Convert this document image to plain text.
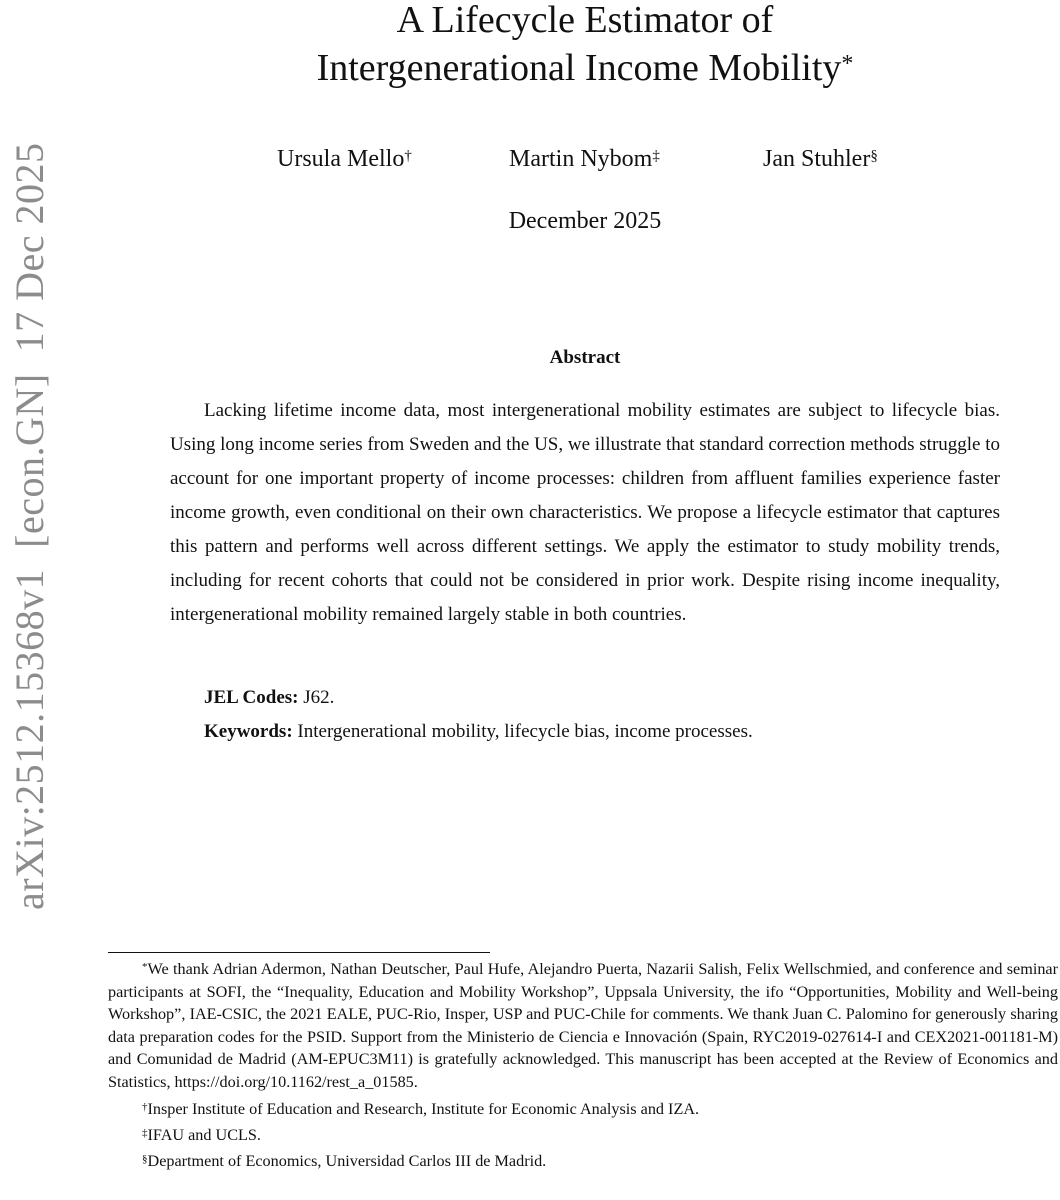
arXiv:2512.15368v1  [econ.GN]  17 Dec 2025
A Lifecycle Estimator of
Intergenerational Income Mobility*
Ursula Mello†	Martin Nybom‡	Jan Stuhler§
December 2025
Abstract

Lacking lifetime income data, most intergenerational mobility estimates are subject to lifecycle bias. Using long income series from Sweden and the US, we illustrate that standard correction methods struggle to account for one important property of income processes: children from affluent families experience faster income growth, even conditional on their own characteristics. We propose a lifecycle estimator that captures this pattern and performs well across different settings. We apply the estimator to study mobility trends, including for recent cohorts that could not be considered in prior work. Despite rising income inequality, intergenerational mobility remained largely stable in both countries.

JEL Codes: J62.
Keywords: Intergenerational mobility, lifecycle bias, income processes.

*We thank Adrian Adermon, Nathan Deutscher, Paul Hufe, Alejandro Puerta, Nazarii Salish, Felix Wellschmied, and conference and seminar participants at SOFI, the “Inequality, Education and Mobility Workshop”, Uppsala University, the ifo “Opportunities, Mobility and Well-being Workshop”, IAE-CSIC, the 2021 EALE, PUC-Rio, Insper, USP and PUC-Chile for comments. We thank Juan C. Palomino for generously sharing data preparation codes for the PSID. Support from the Ministerio de Ciencia e Innovación (Spain, RYC2019-027614-I and CEX2021-001181-M) and Comunidad de Madrid (AM-EPUC3M11) is gratefully acknowledged. This manuscript has been accepted at the Review of Economics and Statistics, https://doi.org/10.1162/rest_a_01585.

†Insper Institute of Education and Research, Institute for Economic Analysis and IZA.

‡IFAU and UCLS.

§Department of Economics, Universidad Carlos III de Madrid.
